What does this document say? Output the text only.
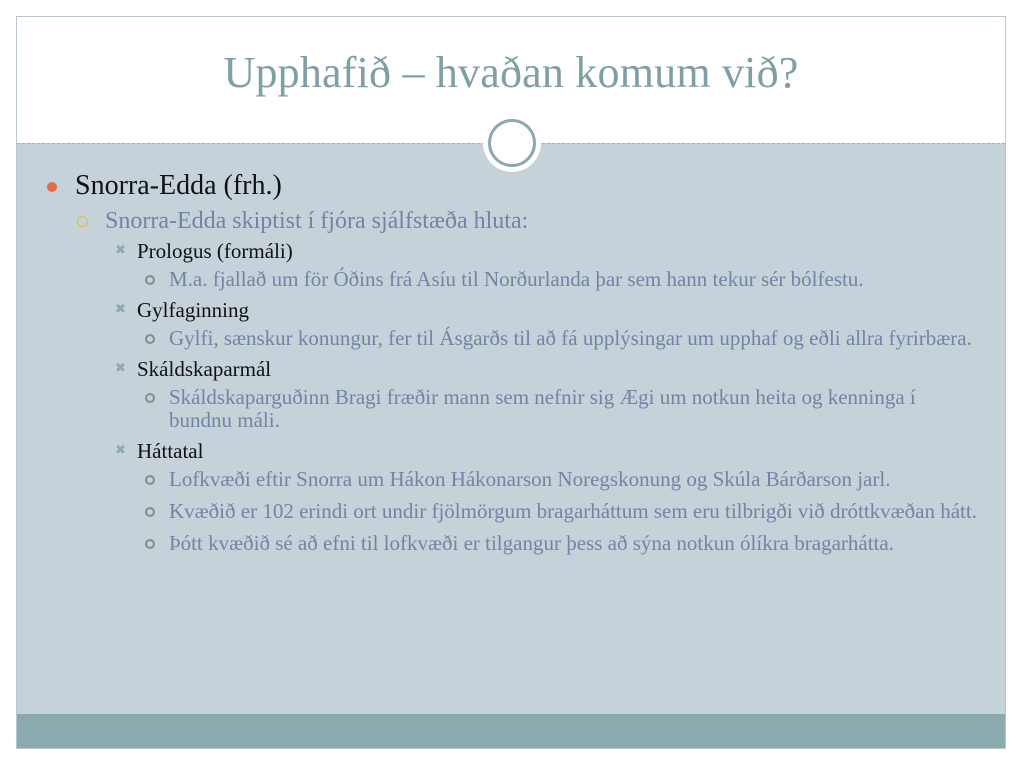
Upphafið – hvaðan komum við?
Snorra-Edda (frh.)
Snorra-Edda skiptist í fjóra sjálfstæða hluta:
✖ Prologus (formáli)
M.a. fjallað um för Óðins frá Asíu til Norðurlanda þar sem hann tekur sér bólfestu.
✖ Gylfaginning
Gylfi, sænskur konungur, fer til Ásgarðs til að fá upplýsingar um upphaf og eðli allra fyrirbæra.
✖ Skáldskaparmál
Skáldskaparguðinn Bragi fræðir mann sem nefnir sig Ægi um notkun heita og kenninga í bundnu máli.
✖ Háttatal
Lofkvæði eftir Snorra um Hákon Hákonarson Noregskonung og Skúla Bárðarson jarl.
Kvæðið er 102 erindi ort undir fjölmörgum bragarháttum sem eru tilbrigði við dróttkvæðan hátt.
Þótt kvæðið sé að efni til lofkvæði er tilgangur þess að sýna notkun ólíkra bragarhátta.
